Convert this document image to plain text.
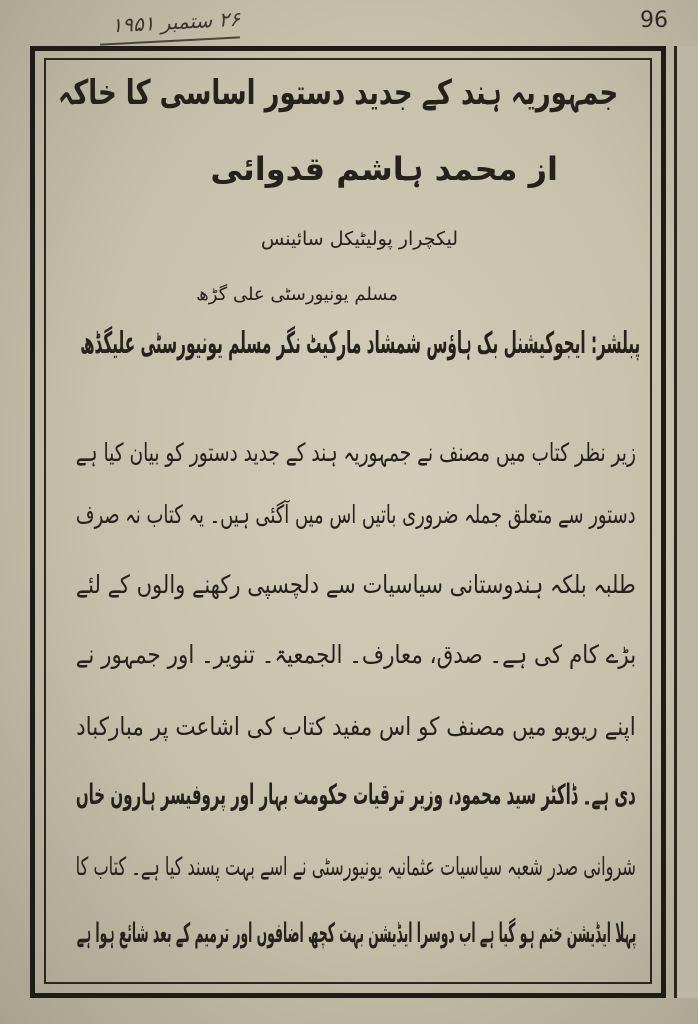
۲۶ ستمبر ۱۹۵۱	96
جمہوریہ ہند کے جدید دستور اساسی کا خاکہ
از محمد ہاشم قدوائی
لیکچرار پولیٹیکل سائینس
مسلم یونیورسٹی علی گڑھ
پبلشر: ایجوکیشنل بک ہاؤس شمشاد مارکیٹ نگر مسلم یونیورسٹی علیگڈھ
زیر نظر کتاب میں مصنف نے جمہوریہ ہند کے جدید دستور کو بیان کیا ہے
دستور سے متعلق جملہ ضروری باتیں اس میں آگئی ہیں۔ یہ کتاب نہ صرف
طلبہ بلکہ ہندوستانی سیاسیات سے دلچسپی رکھنے والوں کے لئے
بڑے کام کی ہے۔ صدق، معارف۔ الجمعیۃ۔ تنویر۔ اور جمہور نے
اپنے ریویو میں مصنف کو اس مفید کتاب کی اشاعت پر مبارکباد
دی ہے۔ ڈاکٹر سید محمود، وزیر ترقیات حکومت بہار اور پروفیسر ہارون خاں
شروانی صدر شعبہ سیاسیات عثمانیہ یونیورسٹی نے اسے بہت پسند کیا ہے۔ کتاب کا
پہلا ایڈیشن ختم ہو گیا ہے اب دوسرا ایڈیشن بہت کچھ اضافوں اور ترمیم کے بعد شائع ہوا ہے
